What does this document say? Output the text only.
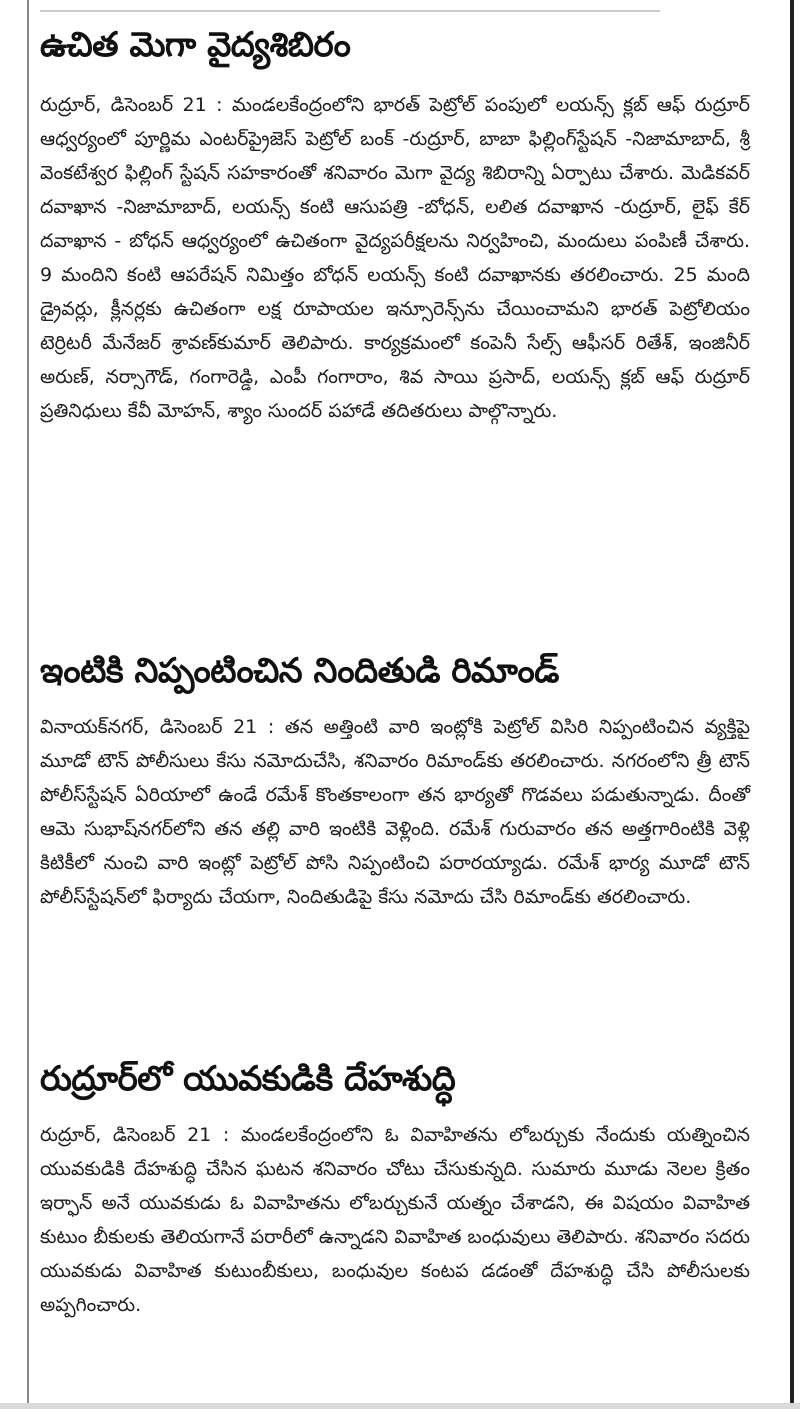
ఉచిత మెగా వైద్యశిబిరం

రుద్రూర్, డిసెంబర్ 21 : మండలకేంద్రంలోని భారత్ పెట్రోల్ పంపులో లయన్స్ క్లబ్ ఆఫ్ రుద్రూర్ ఆధ్వర్యంలో పూర్ణిమ ఎంటర్‌ప్రైజెస్ పెట్రోల్ బంక్ -రుద్రూర్, బాబా ఫిల్లింగ్‌స్టేషన్ -నిజామాబాద్, శ్రీ వెంకటేశ్వర ఫిల్లింగ్ స్టేషన్ సహకారంతో శనివారం మెగా వైద్య శిబిరాన్ని ఏర్పాటు చేశారు. మెడికవర్ దవాఖాన -నిజామాబాద్, లయన్స్ కంటి ఆసుపత్రి -బోధన్, లలిత దవాఖాన -రుద్రూర్, లైఫ్ కేర్ దవాఖాన - బోధన్ ఆధ్వర్యంలో ఉచితంగా వైద్యపరీక్షలను నిర్వహించి, మందులు పంపిణీ చేశారు. 9 మందిని కంటి ఆపరేషన్ నిమిత్తం బోధన్ లయన్స్ కంటి దవాఖానకు తరలించారు. 25 మంది డ్రైవర్లు, క్లీనర్లకు ఉచితంగా లక్ష రూపాయల ఇన్సూరెన్స్‌ను చేయించామని భారత్ పెట్రోలియం టెర్రిటరీ మేనేజర్ శ్రావణ్‌కుమార్ తెలిపారు. కార్యక్రమంలో కంపెనీ సేల్స్ ఆఫీసర్ రితేశ్, ఇంజినీర్ అరుణ్, నర్సాగౌడ్, గంగారెడ్డి, ఎంపీ గంగారాం, శివ సాయి ప్రసాద్, లయన్స్ క్లబ్ ఆఫ్ రుద్రూర్ ప్రతినిధులు కేవీ మోహన్, శ్యాం సుందర్ పహాడే తదితరులు పాల్గొన్నారు.

ఇంటికి నిప్పంటించిన నిందితుడి రిమాండ్

వినాయక్‌నగర్, డిసెంబర్ 21 : తన అత్తింటి వారి ఇంట్లోకి పెట్రోల్ విసిరి నిప్పంటించిన వ్యక్తిపై మూడో టౌన్ పోలీసులు కేసు నమోదుచేసి, శనివారం రిమాండ్‌కు తరలించారు. నగరంలోని త్రీ టౌన్ పోలీస్‌స్టేషన్ ఏరియాలో ఉండే రమేశ్ కొంతకాలంగా తన భార్యతో గొడవలు పడుతున్నాడు. దీంతో ఆమె సుభాష్‌నగర్‌లోని తన తల్లి వారి ఇంటికి వెళ్లింది. రమేశ్ గురువారం తన అత్తగారింటికి వెళ్లి కిటికీలో నుంచి వారి ఇంట్లో పెట్రోల్ పోసి నిప్పంటించి పరారయ్యాడు. రమేశ్ భార్య మూడో టౌన్ పోలీస్‌స్టేషన్‌లో ఫిర్యాదు చేయగా, నిందితుడిపై కేసు నమోదు చేసి రిమాండ్‌కు తరలించారు.

రుద్రూర్‌లో యువకుడికి దేహశుద్ధి

రుద్రూర్, డిసెంబర్ 21 : మండలకేంద్రంలోని ఓ వివాహితను లోబర్చుకు నేందుకు యత్నించిన యువకుడికి దేహశుద్ధి చేసిన ఘటన శనివారం చోటు చేసుకున్నది. సుమారు మూడు నెలల క్రితం ఇర్ఫాన్ అనే యువకుడు ఓ వివాహితను లోబర్చుకునే యత్నం చేశాడని, ఈ విషయం వివాహిత కుటుం బీకులకు తెలియగానే పరారీలో ఉన్నాడని వివాహిత బంధువులు తెలిపారు. శనివారం సదరు యువకుడు వివాహిత కుటుంబీకులు, బంధువుల కంటప డడంతో దేహశుద్ధి చేసి పోలీసులకు అప్పగించారు.
